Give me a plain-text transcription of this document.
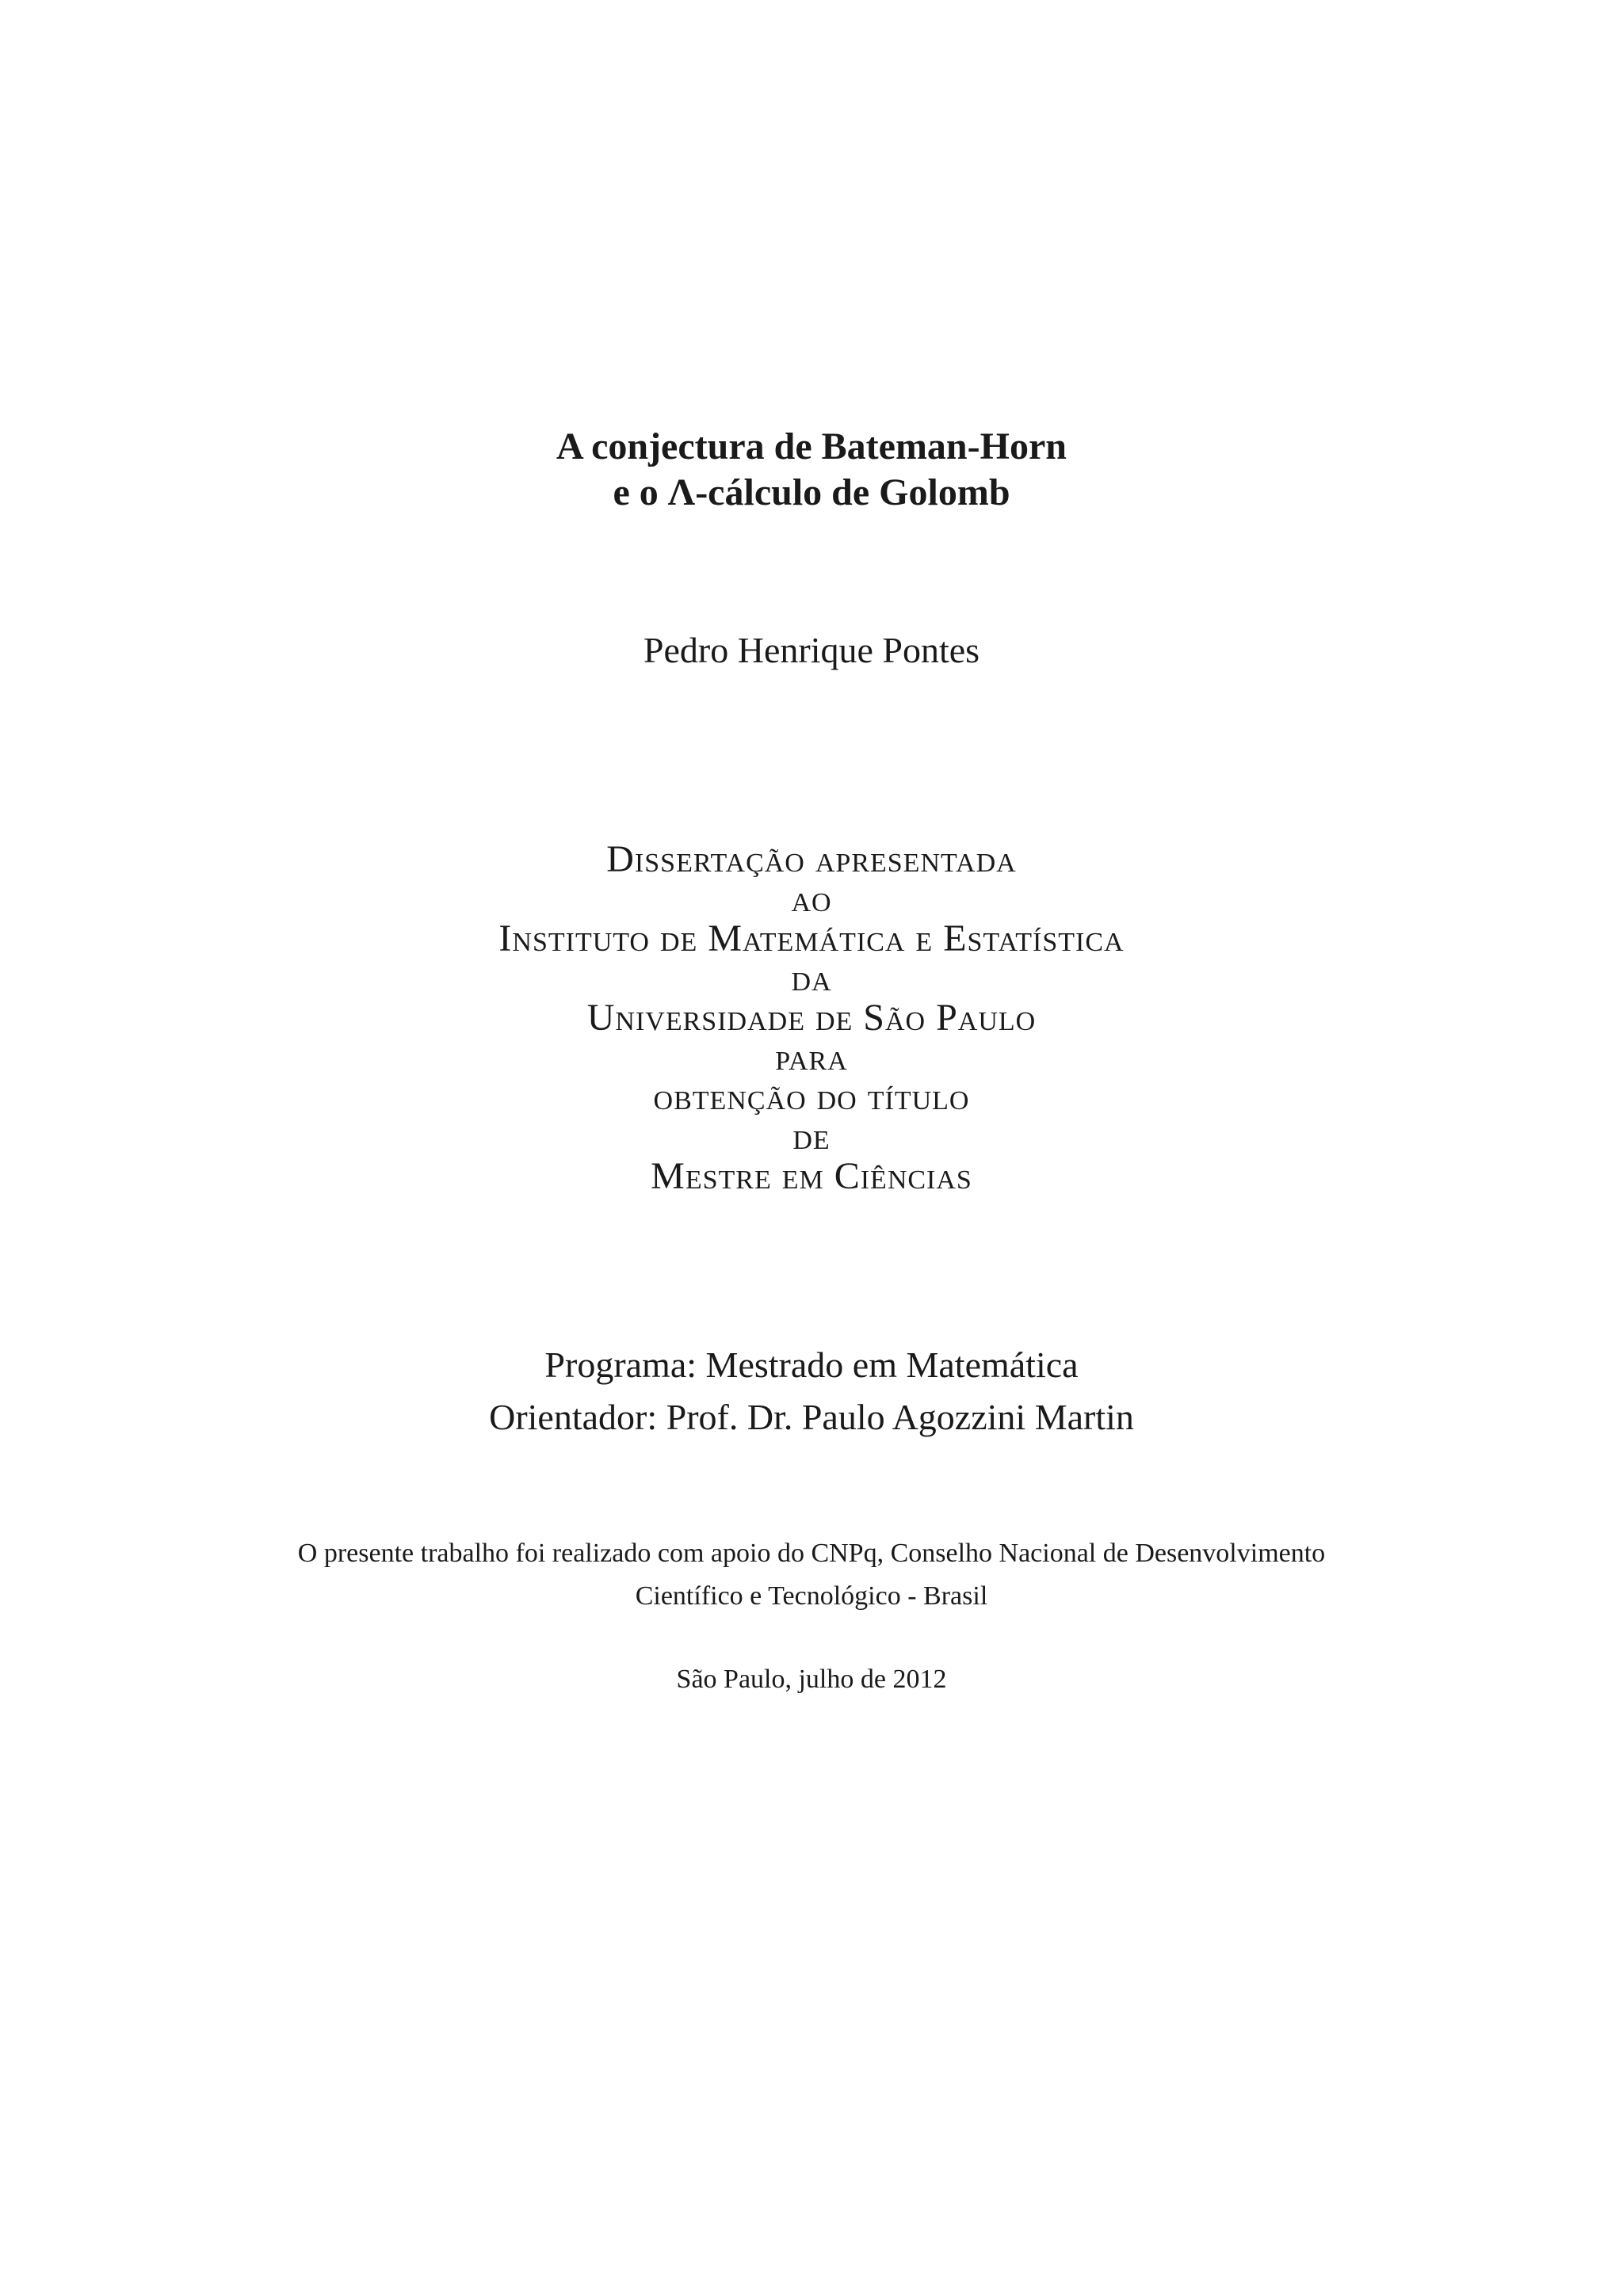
A conjectura de Bateman-Horn
e o Λ-cálculo de Golomb
Pedro Henrique Pontes
Dissertação apresentada
ao
Instituto de Matemática e Estatística
da
Universidade de São Paulo
para
obtenção do título
de
Mestre em Ciências
Programa: Mestrado em Matemática
Orientador: Prof. Dr. Paulo Agozzini Martin
O presente trabalho foi realizado com apoio do CNPq, Conselho Nacional de Desenvolvimento
Científico e Tecnológico - Brasil
São Paulo, julho de 2012
